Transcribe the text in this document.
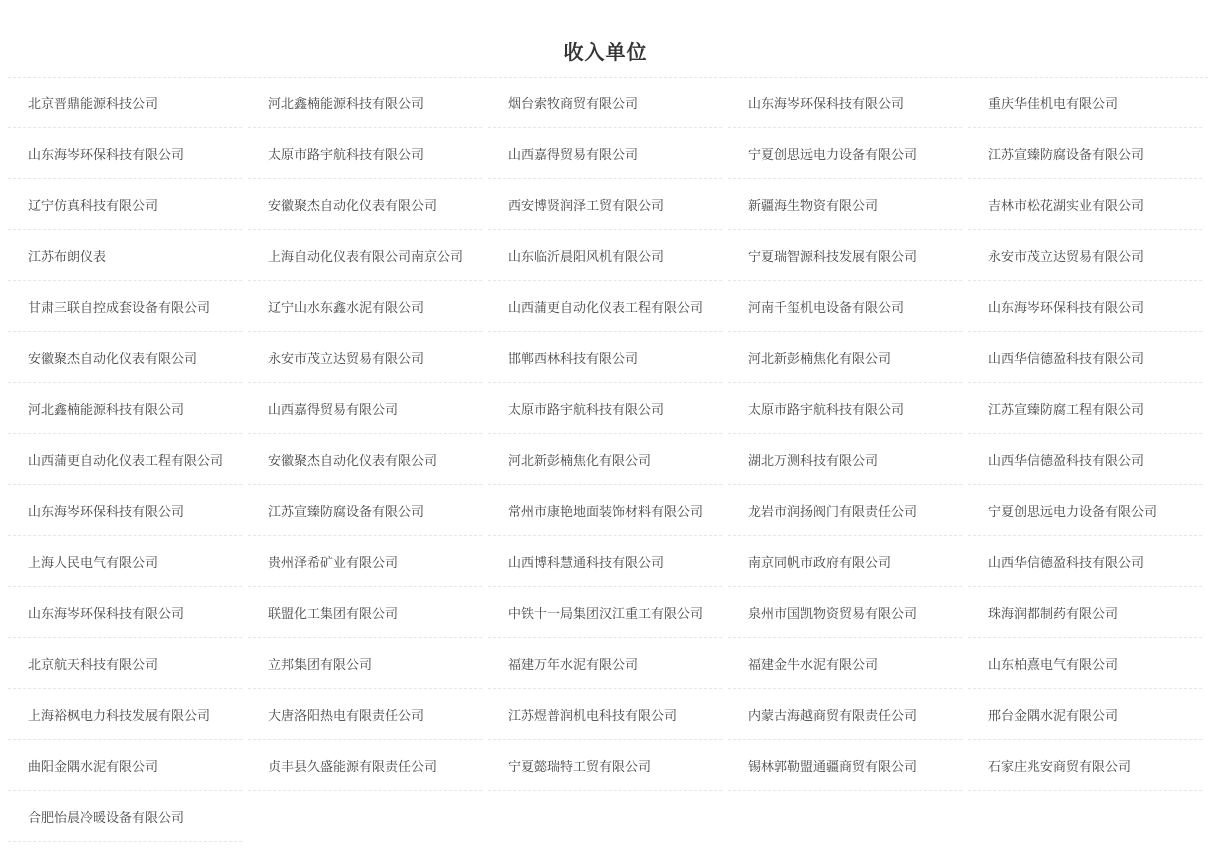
收入单位
北京晋鼎能源科技公司	河北鑫楠能源科技有限公司	烟台索牧商贸有限公司	山东海岑环保科技有限公司	重庆华佳机电有限公司
山东海岑环保科技有限公司	太原市路宇航科技有限公司	山西嘉得贸易有限公司	宁夏创思远电力设备有限公司	江苏宣臻防腐设备有限公司
辽宁仿真科技有限公司	安徽聚杰自动化仪表有限公司	西安博贤润泽工贸有限公司	新疆海生物资有限公司	吉林市松花湖实业有限公司
江苏布朗仪表	上海自动化仪表有限公司南京公司	山东临沂晨阳风机有限公司	宁夏瑞智源科技发展有限公司	永安市茂立达贸易有限公司
甘肃三联自控成套设备有限公司	辽宁山水东鑫水泥有限公司	山西蒲更自动化仪表工程有限公司	河南千玺机电设备有限公司	山东海岑环保科技有限公司
安徽聚杰自动化仪表有限公司	永安市茂立达贸易有限公司	邯郸西林科技有限公司	河北新彭楠焦化有限公司	山西华信德盈科技有限公司
河北鑫楠能源科技有限公司	山西嘉得贸易有限公司	太原市路宇航科技有限公司	太原市路宇航科技有限公司	江苏宣臻防腐工程有限公司
山西蒲更自动化仪表工程有限公司	安徽聚杰自动化仪表有限公司	河北新彭楠焦化有限公司	湖北万测科技有限公司	山西华信德盈科技有限公司
山东海岑环保科技有限公司	江苏宣臻防腐设备有限公司	常州市康艳地面装饰材料有限公司	龙岩市润扬阀门有限责任公司	宁夏创思远电力设备有限公司
上海人民电气有限公司	贵州泽希矿业有限公司	山西博科慧通科技有限公司	南京同帆市政府有限公司	山西华信德盈科技有限公司
山东海岑环保科技有限公司	联盟化工集团有限公司	中铁十一局集团汉江重工有限公司	泉州市国凯物资贸易有限公司	珠海润都制药有限公司
北京航天科技有限公司	立邦集团有限公司	福建万年水泥有限公司	福建金牛水泥有限公司	山东柏熹电气有限公司
上海裕枫电力科技发展有限公司	大唐洛阳热电有限责任公司	江苏煜普润机电科技有限公司	内蒙古海越商贸有限责任公司	邢台金隅水泥有限公司
曲阳金隅水泥有限公司	贞丰县久盛能源有限责任公司	宁夏懿瑞特工贸有限公司	锡林郭勒盟通疆商贸有限公司	石家庄兆安商贸有限公司
合肥怡晨冷暖设备有限公司
